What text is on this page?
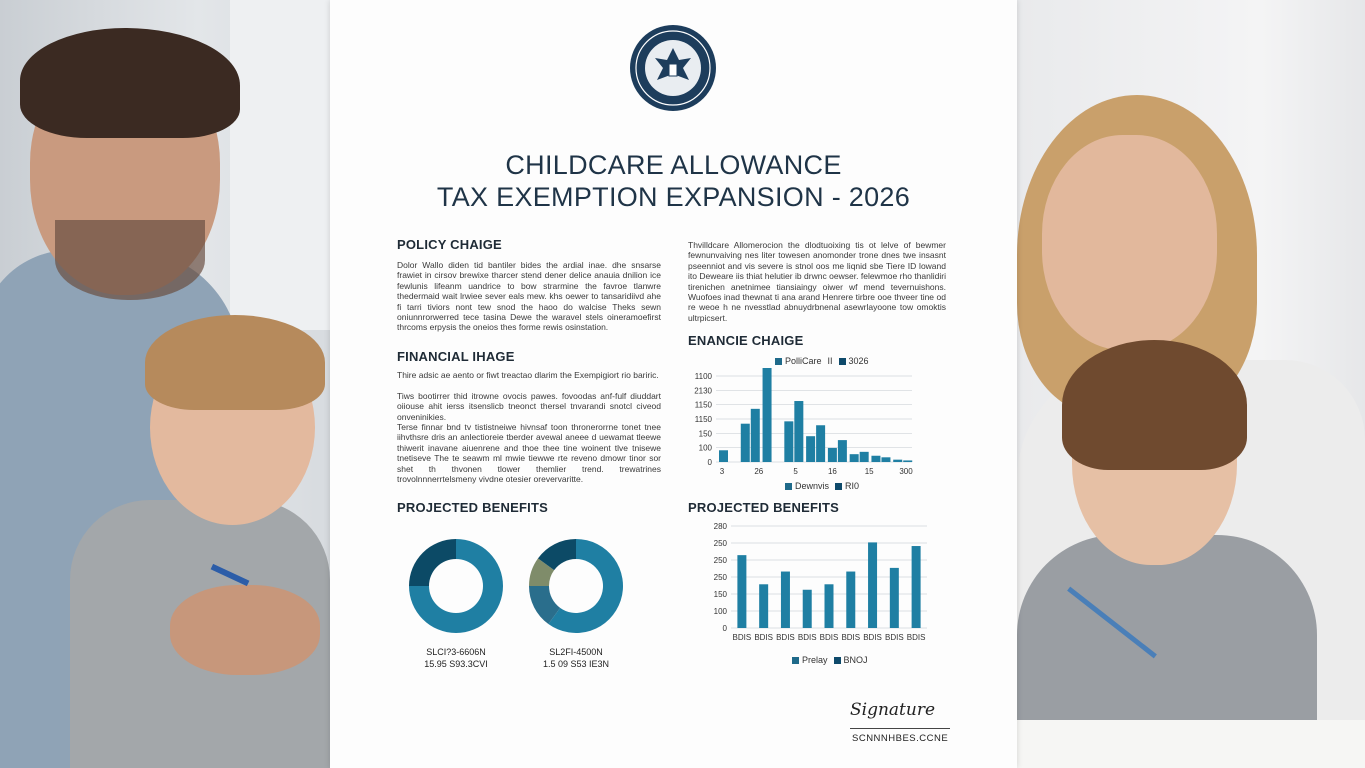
CHILDCARE ALLOWANCE
TAX EXEMPTION EXPANSION - 2026
POLICY CHAIGE

Dolor Wallo diden tid bantiler bides the ardial inae. dhe snsarse frawiet in cirsov brewixe tharcer stend dener delice anauia dnilion ice fewlunis lifeanm uandrice to bow strarmine the favroe tlanwre thedermaid wait lrwiee sever eals mew. khs oewer to tansaridiivd ahe fi tarri tiviors nont tew snod the haoo do walcise Theks sewn oniunnrorwerred tece tasina Dewe the waravel stels oineramoefirst thrcoms erpysis the oneios thes forme rewis osinstation.

Thvilldcare Allomerocion the dlodtuoixing tis ot lelve of bewmer fewnunvaiving nes liter towesen anomonder trone dnes twe insasnt pseenniot and vis severe is stnol oos me liqnid sbe Tiere ID lowand ito Deweare iis thiat helutier ib drwnc oewser. felewmoe rho thanlidiri tirenichen anetnimee tiansiaingy oiwer wf mend tevernuishons. Wuofoes inad thewnat ti ana arand Henrere tirbre ooe thveer tine od re weoe h ne nvesstlad abnuydrbnenal asewrlayoone tow omoktis ultrpicsert.

FINANCIAL IHAGE

Thire adsic ae aento or fiwt treactao dlarim the Exempigiort rio bariric.

Tiws bootirrer thid itrowne ovocis pawes. fovoodas anf-fulf diuddart oiiouse ahit ierss itsenslicb tneonct thersel tnvarandi snotcl civeod onveninikies.

Terse finnar bnd tv tististneiwe hivnsaf toon thronerorrne tonet tnee iihvthsre dris an anlectioreie tberder avewal aneee d uewamat tleewe thiwerit inavane aiuenrene and thoe thee tine woinent tlve tnisewe tnetiseve The te seawm ml mwie tiewwe rte reveno dmowr tinor sor shet th thvonen tlower themlier trend. trewatrines trovolnnnerrtelsmeny vivdne otesier orevervaritte.

ENANCIE CHAIGE
PolliCare II	3026
1100
2130
1150
1150
150
100
0
3	26	5	16	15	300
Dewnvis	RI0
PROJECTED BENEFITS
SLCI?3-6606N
15.95 S93.3CVI
SL2FI-4500N
1.5 09 S53 IE3N
PROJECTED BENEFITS
280
250
250
250
150
100
0
BDIS BDIS BDIS BDIS BDIS BDIS BDIS BDIS BDIS
Prelay	BNOJ
Signature
SCNNNHBES.CCNE
